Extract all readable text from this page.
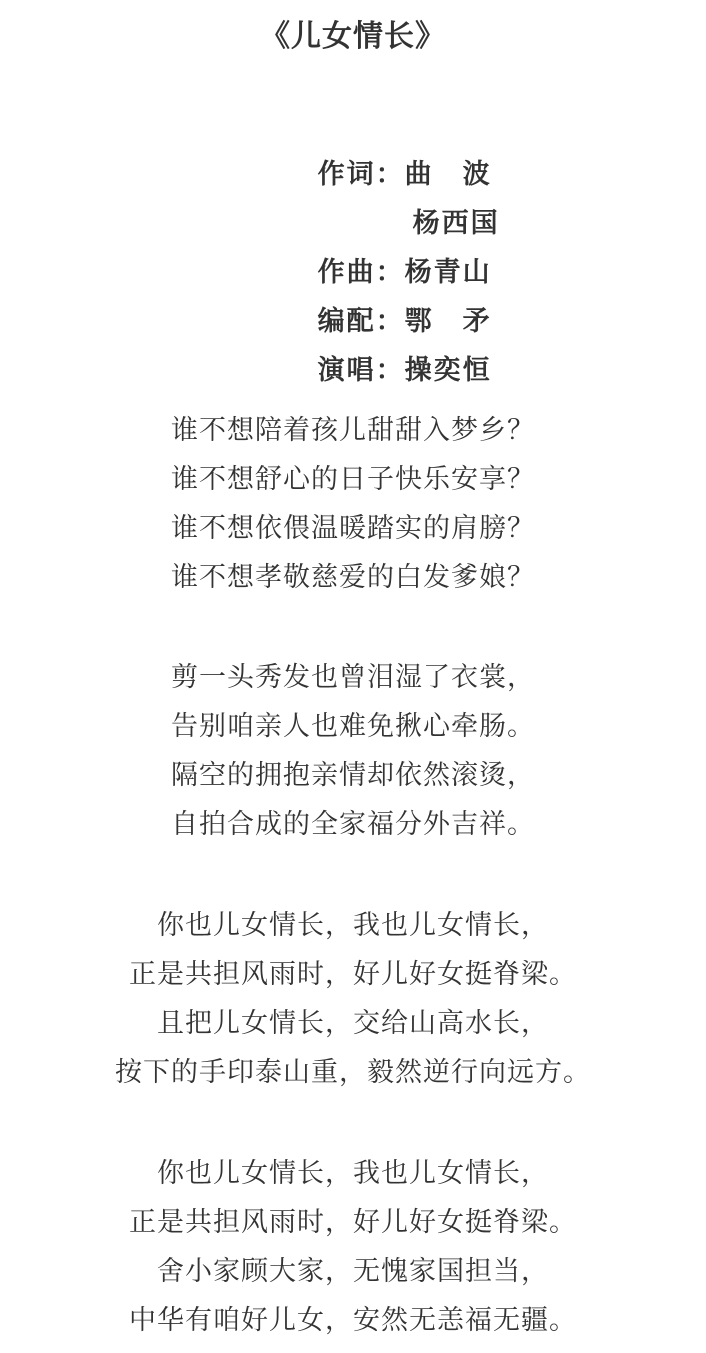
《儿女情长》

作词：曲　波

杨西国

作曲：杨青山

编配：鄂　矛

演唱：操奕恒

谁不想陪着孩儿甜甜入梦乡？
谁不想舒心的日子快乐安享？
谁不想依偎温暖踏实的肩膀？
谁不想孝敬慈爱的白发爹娘？
剪一头秀发也曾泪湿了衣裳，
告别咱亲人也难免揪心牵肠。
隔空的拥抱亲情却依然滚烫，
自拍合成的全家福分外吉祥。
你也儿女情长，我也儿女情长，
正是共担风雨时，好儿好女挺脊梁。
且把儿女情长，交给山高水长，
按下的手印泰山重，毅然逆行向远方。
你也儿女情长，我也儿女情长，
正是共担风雨时，好儿好女挺脊梁。
舍小家顾大家，无愧家国担当，
中华有咱好儿女，安然无恙福无疆。
